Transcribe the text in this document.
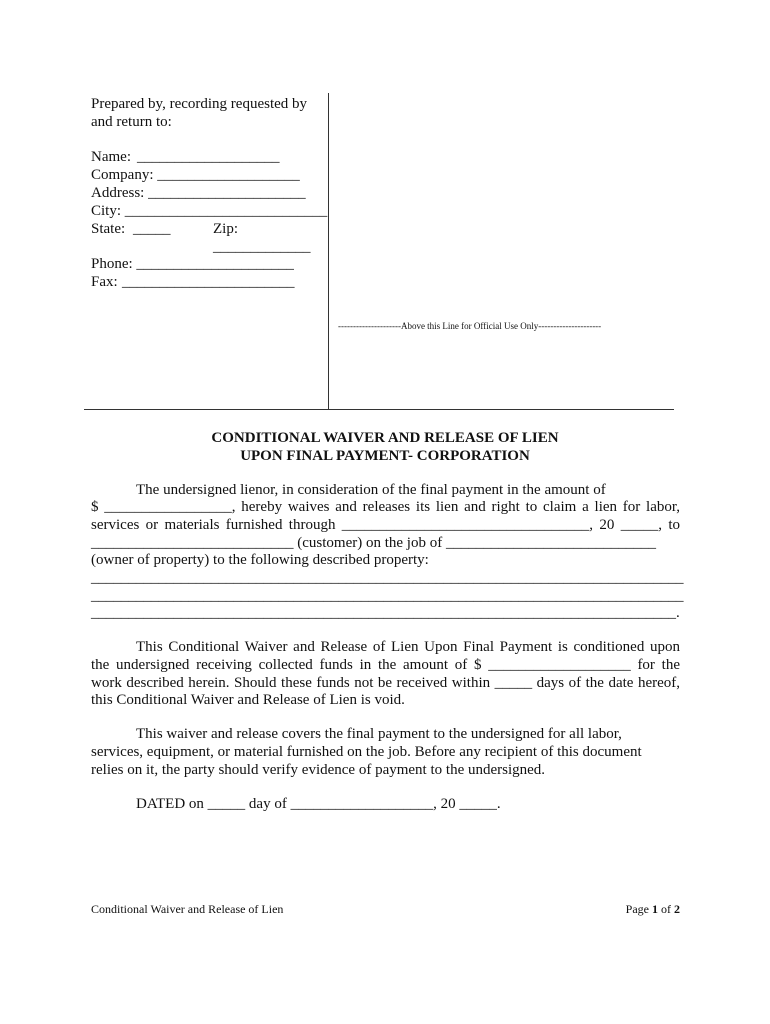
Prepared by, recording requested by
and return to:
Name: ___________________
Company: ___________________
Address: _____________________
City: ___________________________
State: _____	Zip:
_____________
Phone: _____________________
Fax: _______________________
---------------------Above this Line for Official Use Only---------------------
CONDITIONAL WAIVER AND RELEASE OF LIEN
UPON FINAL PAYMENT- CORPORATION
The undersigned lienor, in consideration of the final payment in the amount of
$ _________________, hereby waives and releases its lien and right to claim a lien for labor,
services or materials furnished through _________________________________, 20 _____, to
___________________________ (customer) on the job of ____________________________
(owner of property) to the following described property:
_______________________________________________________________________________
_______________________________________________________________________________
______________________________________________________________________________.
This Conditional Waiver and Release of Lien Upon Final Payment is conditioned upon
the undersigned receiving collected funds in the amount of $ ___________________ for the
work described herein. Should these funds not be received within _____ days of the date hereof,
this Conditional Waiver and Release of Lien is void.
This waiver and release covers the final payment to the undersigned for all labor,
services, equipment, or material furnished on the job. Before any recipient of this document
relies on it, the party should verify evidence of payment to the undersigned.
DATED on _____ day of ___________________, 20 _____.
Conditional Waiver and Release of Lien	Page 1 of 2
